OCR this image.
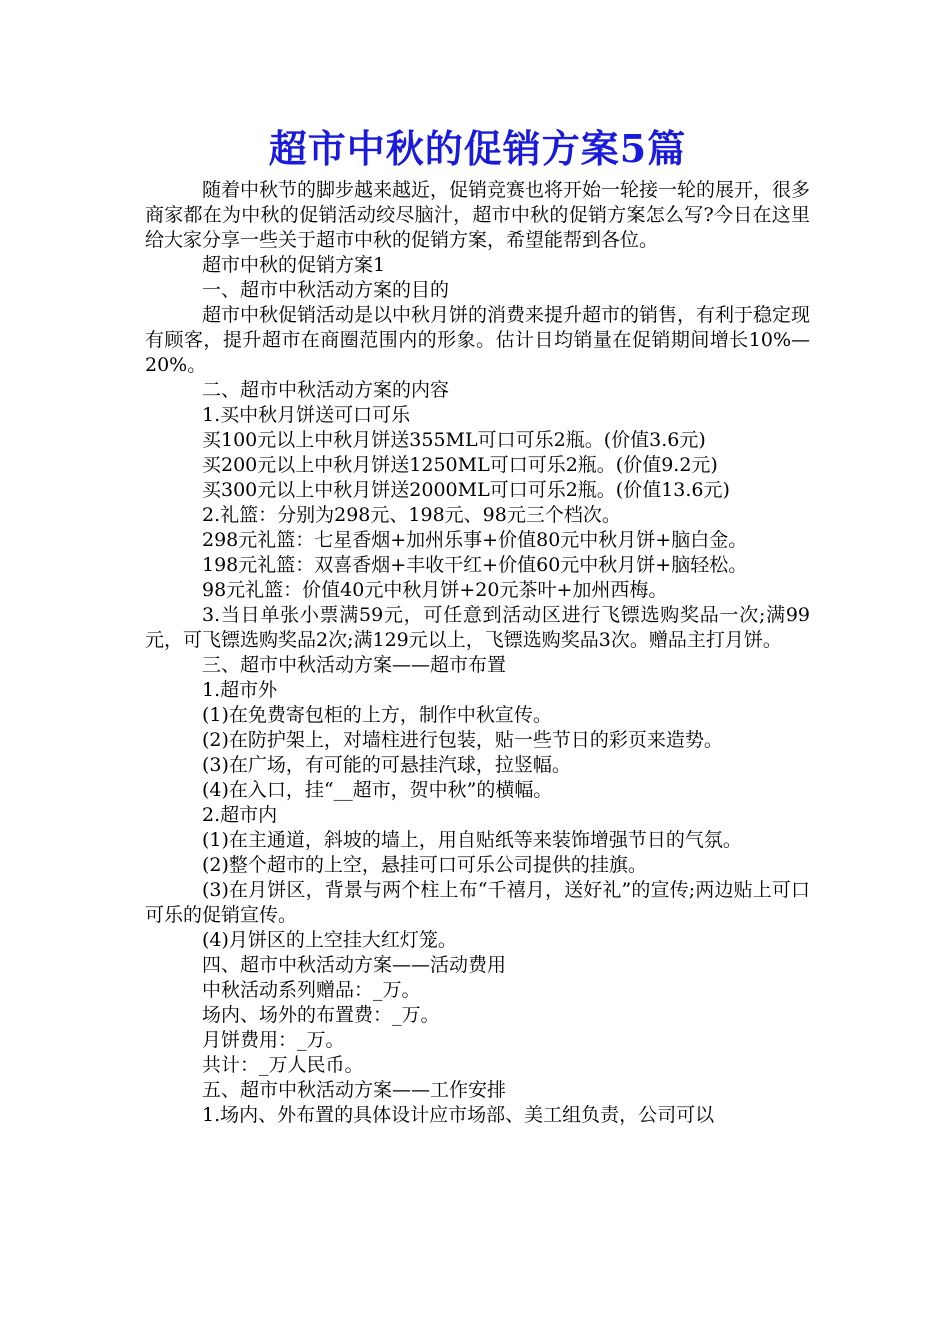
超市中秋的促销方案5篇

随着中秋节的脚步越来越近，促销竞赛也将开始一轮接一轮的展开，很多商家都在为中秋的促销活动绞尽脑汁，超市中秋的促销方案怎么写?今日在这里给大家分享一些关于超市中秋的促销方案，希望能帮到各位。

超市中秋的促销方案1

一、超市中秋活动方案的目的

超市中秋促销活动是以中秋月饼的消费来提升超市的销售，有利于稳定现有顾客，提升超市在商圈范围内的形象。估计日均销量在促销期间增长10%—20%。

二、超市中秋活动方案的内容

1.买中秋月饼送可口可乐

买100元以上中秋月饼送355ML可口可乐2瓶。(价值3.6元)

买200元以上中秋月饼送1250ML可口可乐2瓶。(价值9.2元)

买300元以上中秋月饼送2000ML可口可乐2瓶。(价值13.6元)

2.礼篮：分别为298元、198元、98元三个档次。

298元礼篮：七星香烟+加州乐事+价值80元中秋月饼+脑白金。

198元礼篮：双喜香烟+丰收干红+价值60元中秋月饼+脑轻松。

98元礼篮：价值40元中秋月饼+20元茶叶+加州西梅。

3.当日单张小票满59元，可任意到活动区进行飞镖选购奖品一次;满99元，可飞镖选购奖品2次;满129元以上，飞镖选购奖品3次。赠品主打月饼。

三、超市中秋活动方案——超市布置

1.超市外

(1)在免费寄包柜的上方，制作中秋宣传。

(2)在防护架上，对墙柱进行包装，贴一些节日的彩页来造势。

(3)在广场，有可能的可悬挂汽球，拉竖幅。

(4)在入口，挂“__超市，贺中秋”的横幅。

2.超市内

(1)在主通道，斜坡的墙上，用自贴纸等来装饰增强节日的气氛。

(2)整个超市的上空，悬挂可口可乐公司提供的挂旗。

(3)在月饼区，背景与两个柱上布“千禧月，送好礼”的宣传;两边贴上可口可乐的促销宣传。

(4)月饼区的上空挂大红灯笼。

四、超市中秋活动方案——活动费用

中秋活动系列赠品：_万。

场内、场外的布置费：_万。

月饼费用：_万。

共计：_万人民币。

五、超市中秋活动方案——工作安排

1.场内、外布置的具体设计应市场部、美工组负责，公司可以
